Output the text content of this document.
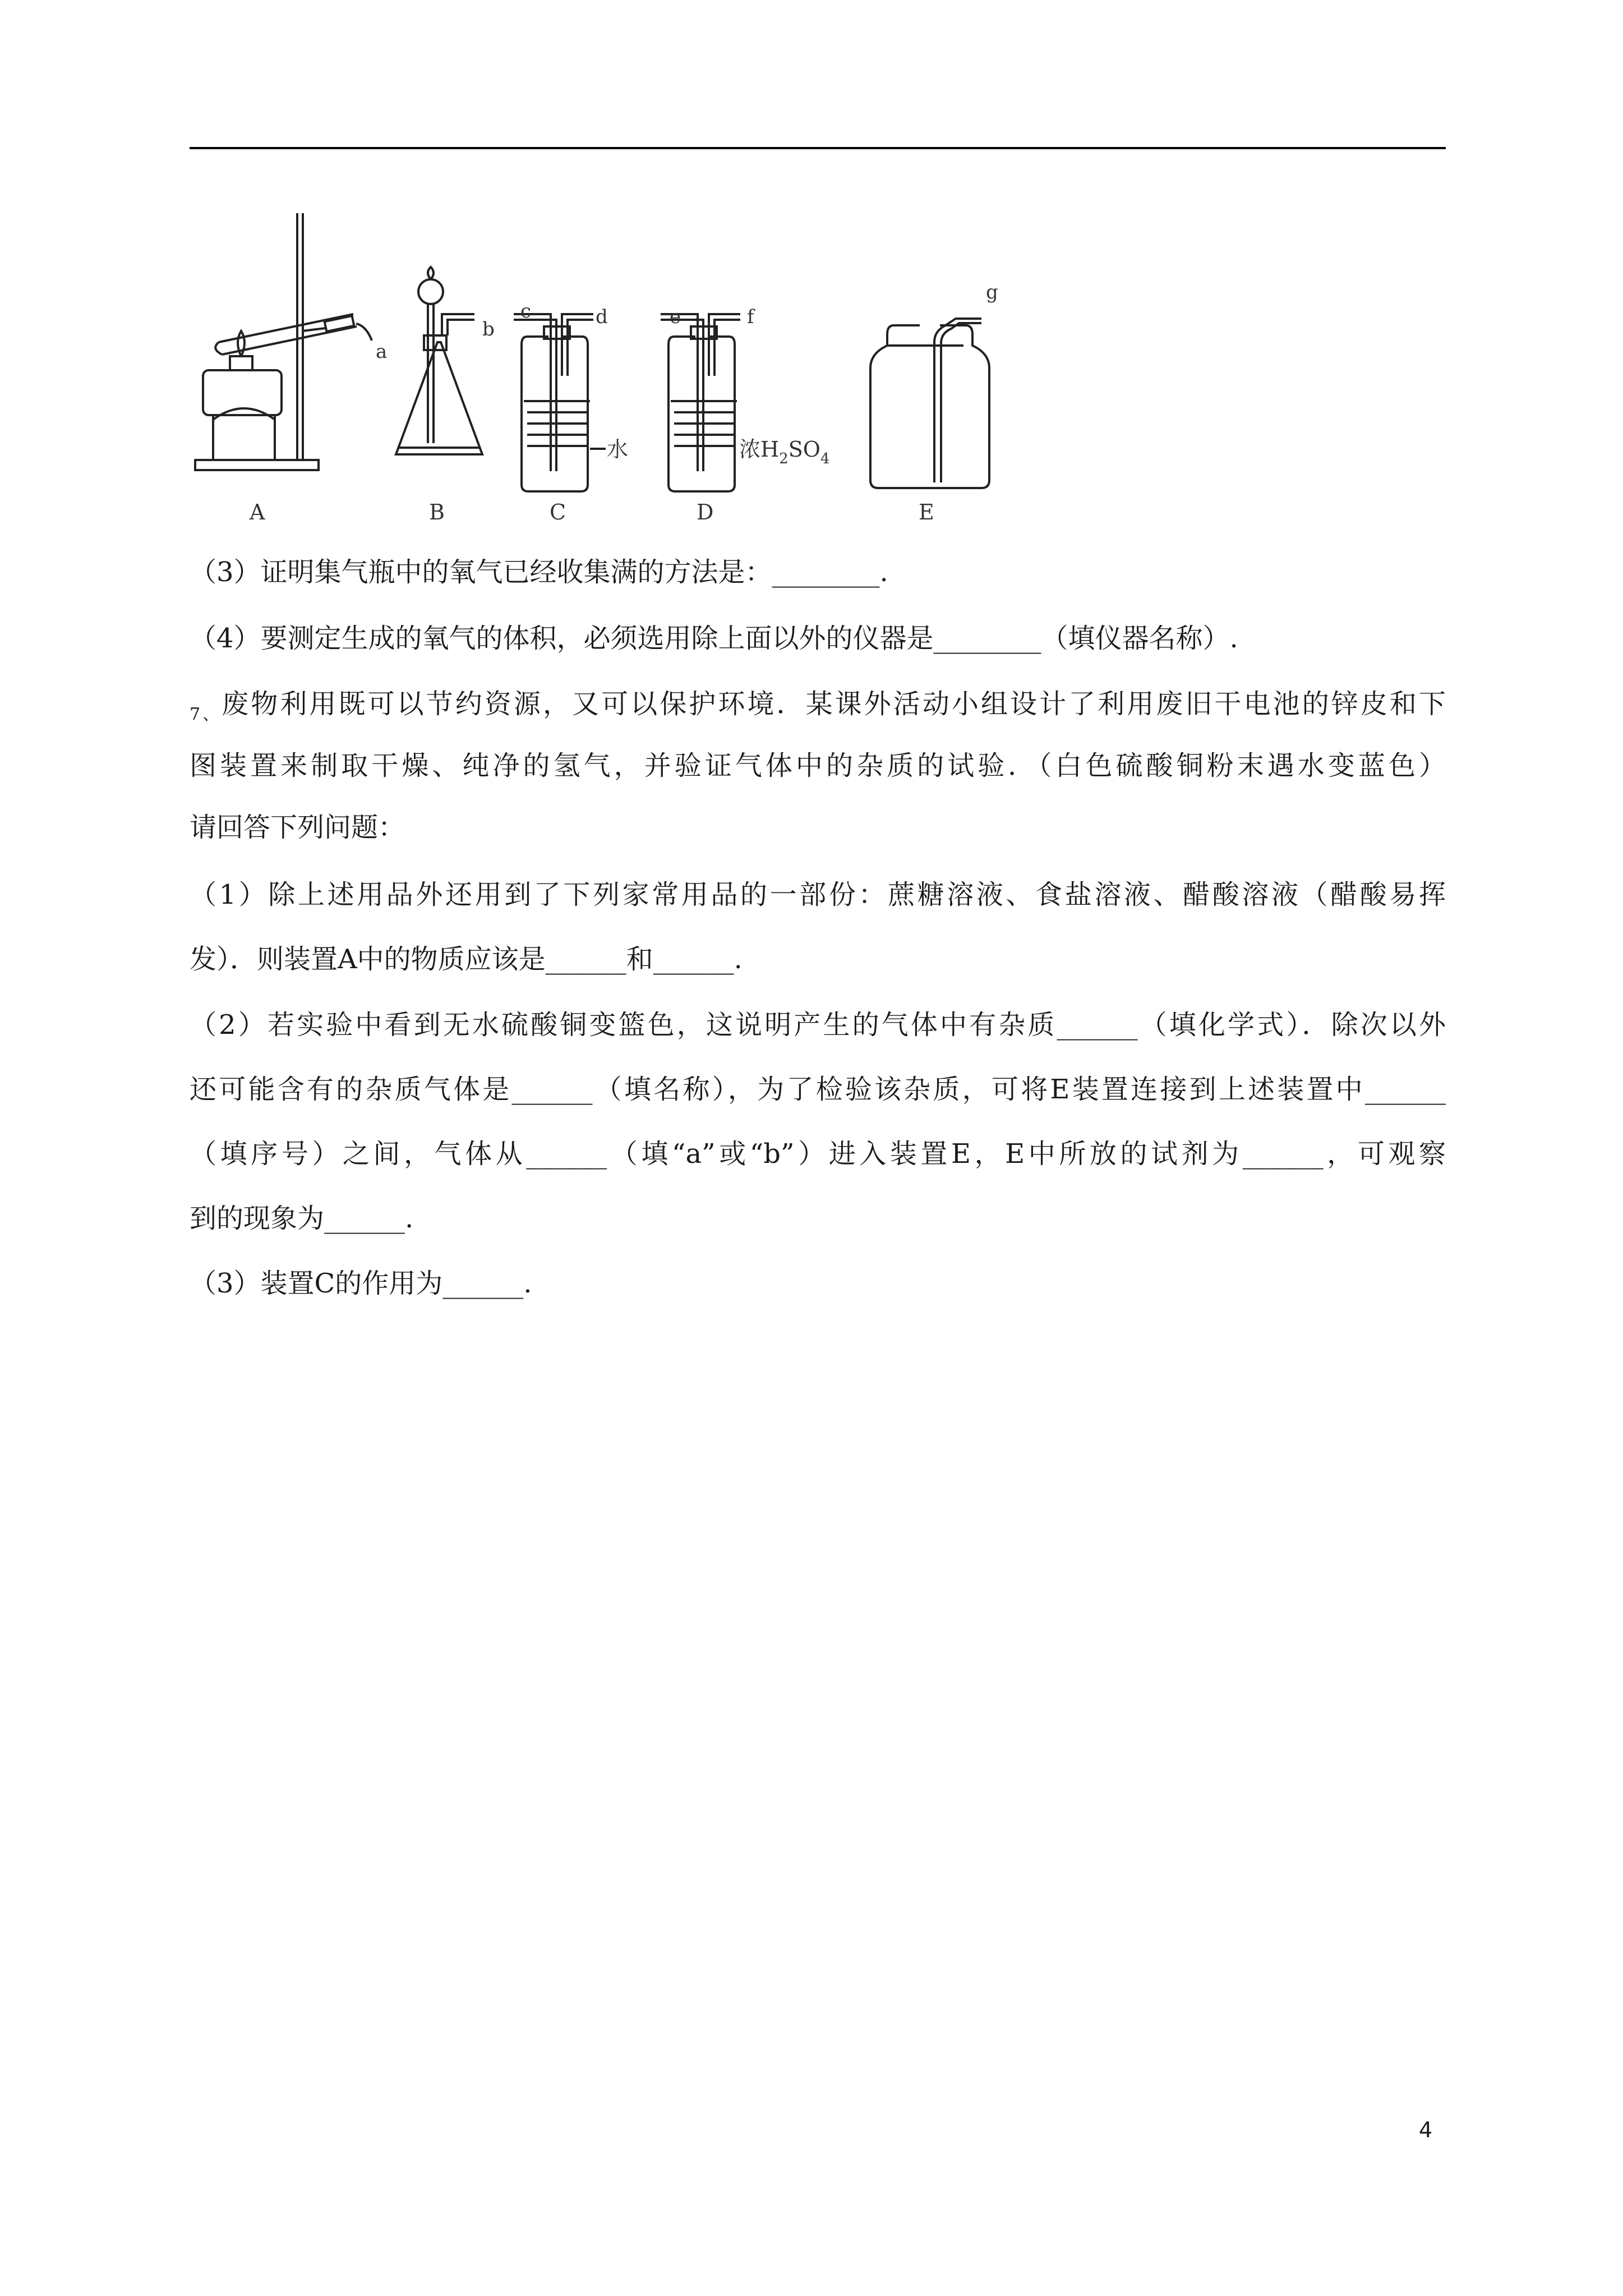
a
b
c	d	e	f
g
水	浓$H_2SO_4$
A	B	C	D	E
（3）证明集气瓶中的氧气已经收集满的方法是：________.
（4）要测定生成的氧气的体积，必须选用除上面以外的仪器是________（填仪器名称）.
$_{7、}$废物利用既可以节约资源，又可以保护环境．某课外活动小组设计了利用废旧干电池的锌皮和下
图装置来制取干燥、纯净的氢气，并验证气体中的杂质的试验．（白色硫酸铜粉末遇水变蓝色）
请回答下列问题：
（1）除上述用品外还用到了下列家常用品的一部份：蔗糖溶液、食盐溶液、醋酸溶液（醋酸易挥
发）．则装置A中的物质应该是______和______.
（2）若实验中看到无水硫酸铜变篮色，这说明产生的气体中有杂质______（填化学式）．除次以外
还可能含有的杂质气体是______（填名称），为了检验该杂质，可将E装置连接到上述装置中______
（填序号）之间，气体从______（填“a”或“b”）进入装置E，E中所放的试剂为______，可观察
到的现象为______.
（3）装置C的作用为______.
4
